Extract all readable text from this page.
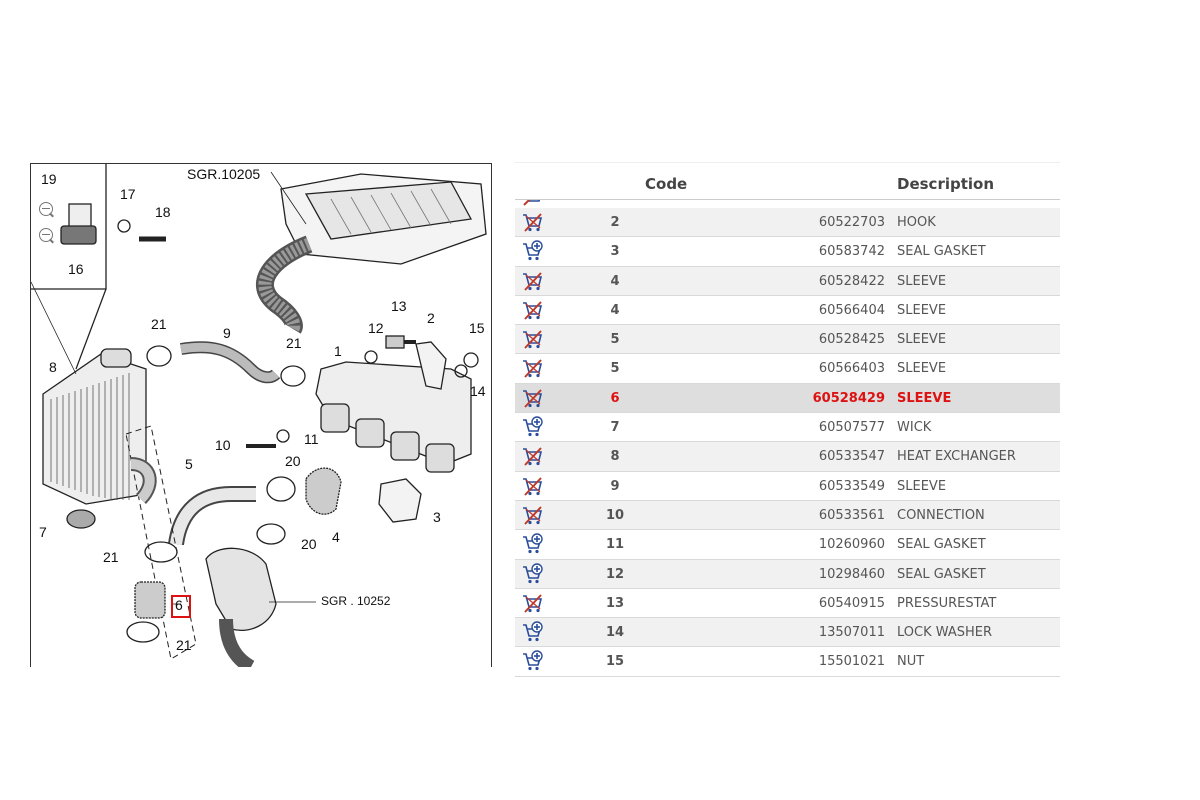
SGR.10205
SGR . 10252
19
17
18
16
8
21
9
21 1
13
12
2
15
14
11
10
5	20
4
3
7
21
6
20
21
Code	Description
2	60522703 HOOK
3	60583742 SEAL GASKET
4	60528422 SLEEVE
4	60566404 SLEEVE
5	60528425 SLEEVE
5	60566403 SLEEVE
6	60528429 SLEEVE
7	60507577 WICK
8	60533547 HEAT EXCHANGER
9	60533549 SLEEVE
10	60533561 CONNECTION
11	10260960 SEAL GASKET
12	10298460 SEAL GASKET
13	60540915 PRESSURESTAT
14	13507011 LOCK WASHER
15	15501021 NUT
